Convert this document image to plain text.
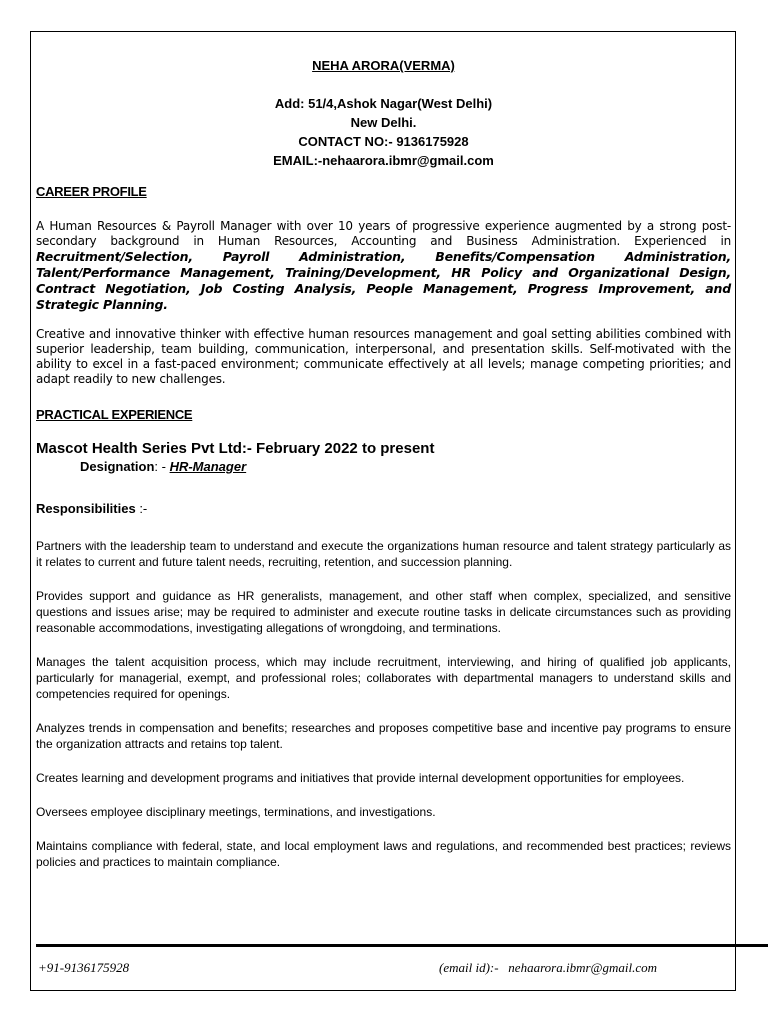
NEHA ARORA(VERMA)
Add: 51/4,Ashok Nagar(West Delhi)
New Delhi.
CONTACT NO:- 9136175928
EMAIL:-nehaarora.ibmr@gmail.com
CAREER PROFILE

A Human Resources & Payroll Manager with over 10 years of progressive experience augmented by a strong post-secondary background in Human Resources, Accounting and Business Administration. Experienced in Recruitment/Selection, Payroll Administration, Benefits/Compensation Administration, Talent/Performance Management, Training/Development, HR Policy and Organizational Design, Contract Negotiation, Job Costing Analysis, People Management, Progress Improvement, and Strategic Planning.

Creative and innovative thinker with effective human resources management and goal setting abilities combined with superior leadership, team building, communication, interpersonal, and presentation skills. Self-motivated with the ability to excel in a fast-paced environment; communicate effectively at all levels; manage competing priorities; and adapt readily to new challenges.

PRACTICAL EXPERIENCE
Mascot Health Series Pvt Ltd:- February 2022 to present
Designation: - HR-Manager
Responsibilities :-

Partners with the leadership team to understand and execute the organizations human resource and talent strategy particularly as it relates to current and future talent needs, recruiting, retention, and succession planning.

Provides support and guidance as HR generalists, management, and other staff when complex, specialized, and sensitive questions and issues arise; may be required to administer and execute routine tasks in delicate circumstances such as providing reasonable accommodations, investigating allegations of wrongdoing, and terminations.

Manages the talent acquisition process, which may include recruitment, interviewing, and hiring of qualified job applicants, particularly for managerial, exempt, and professional roles; collaborates with departmental managers to understand skills and competencies required for openings.

Analyzes trends in compensation and benefits; researches and proposes competitive base and incentive pay programs to ensure the organization attracts and retains top talent.

Creates learning and development programs and initiatives that provide internal development opportunities for employees.

Oversees employee disciplinary meetings, terminations, and investigations.

Maintains compliance with federal, state, and local employment laws and regulations, and recommended best practices; reviews policies and practices to maintain compliance.

+91-9136175928	(email id):-   nehaarora.ibmr@gmail.com
